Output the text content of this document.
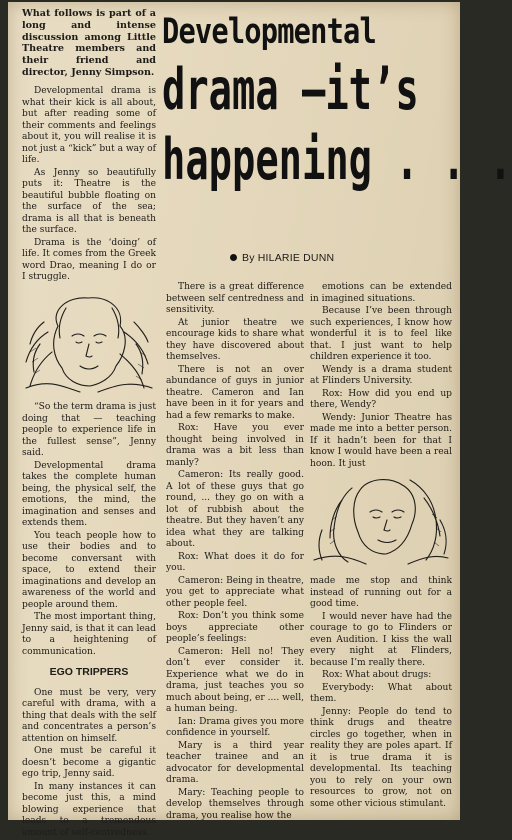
What follows is part of a long and intense discussion among Little Theatre members and their friend and director, Jenny Simpson.
Developmental
drama —it’s
happening . . .
By HILARIE DUNN

Developmental drama is what their kick is all about, but after reading some of their comments and feelings about it, you will realise it is not just a “kick” but a way of life.

As Jenny so beautifully puts it: Theatre is the beautiful bubble floating on the surface of the sea; drama is all that is beneath the surface.

Drama is the ‘doing’ of life. It comes from the Greek word Drao, meaning I do or I struggle.

“So the term drama is just doing that — teaching people to experience life in the fullest sense”, Jenny said.

Developmental drama takes the complete human being, the physical self, the emotions, the mind, the imagination and senses and extends them.

You teach people how to use their bodies and to become conversant with space, to extend their imaginations and develop an awareness of the world and people around them.

The most important thing, Jenny said, is that it can lead to a heightening of communication.

EGO TRIPPERS

One must be very, very careful with drama, with a thing that deals with the self and concentrates a person’s attention on himself.

One must be careful it doesn’t become a gigantic ego trip, Jenny said.

In many instances it can become just this, a mind blowing experience that leads to a tremendous amount of self-centredness.

There is a great difference between self centredness and sensitivity.

At junior theatre we encourage kids to share what they have discovered about themselves.

There is not an over abundance of guys in junior theatre. Cameron and Ian have been in it for years and had a few remarks to make.

Rox: Have you ever thought being involved in drama was a bit less than manly?

Cameron: Its really good. A lot of these guys that go round, ... they go on with a lot of rubbish about the theatre. But they haven’t any idea what they are talking about.

Rox: What does it do for you.

Cameron: Being in theatre, you get to appreciate what other people feel.

Rox: Don’t you think some boys appreciate other people’s feelings:

Cameron: Hell no! They don’t ever consider it. Experience what we do in drama, just teaches you so much about being, er .... well, a human being.

Ian: Drama gives you more confidence in yourself.

Mary is a third year teacher trainee and an advocator for developmental drama.

Mary: Teaching people to develop themselves through drama, you realise how the

emotions can be extended in imagined situations.

Because I’ve been through such experiences, I know how wonderful it is to feel like that. I just want to help children experience it too.

Wendy is a drama student at Flinders University.

Rox: How did you end up there, Wendy?

Wendy: Junior Theatre has made me into a better person. If it hadn’t been for that I know I would have been a real hoon. It just

made me stop and think instead of running out for a good time.

I would never have had the courage to go to Flinders or even Audition. I kiss the wall every night at Flinders, because I’m really there.

Rox: What about drugs:

Everybody: What about them.

Jenny: People do tend to think drugs and theatre circles go together, when in reality they are poles apart. If it is true drama it is developmental. Its teaching you to rely on your own resources to grow, not on some other vicious stimulant.
